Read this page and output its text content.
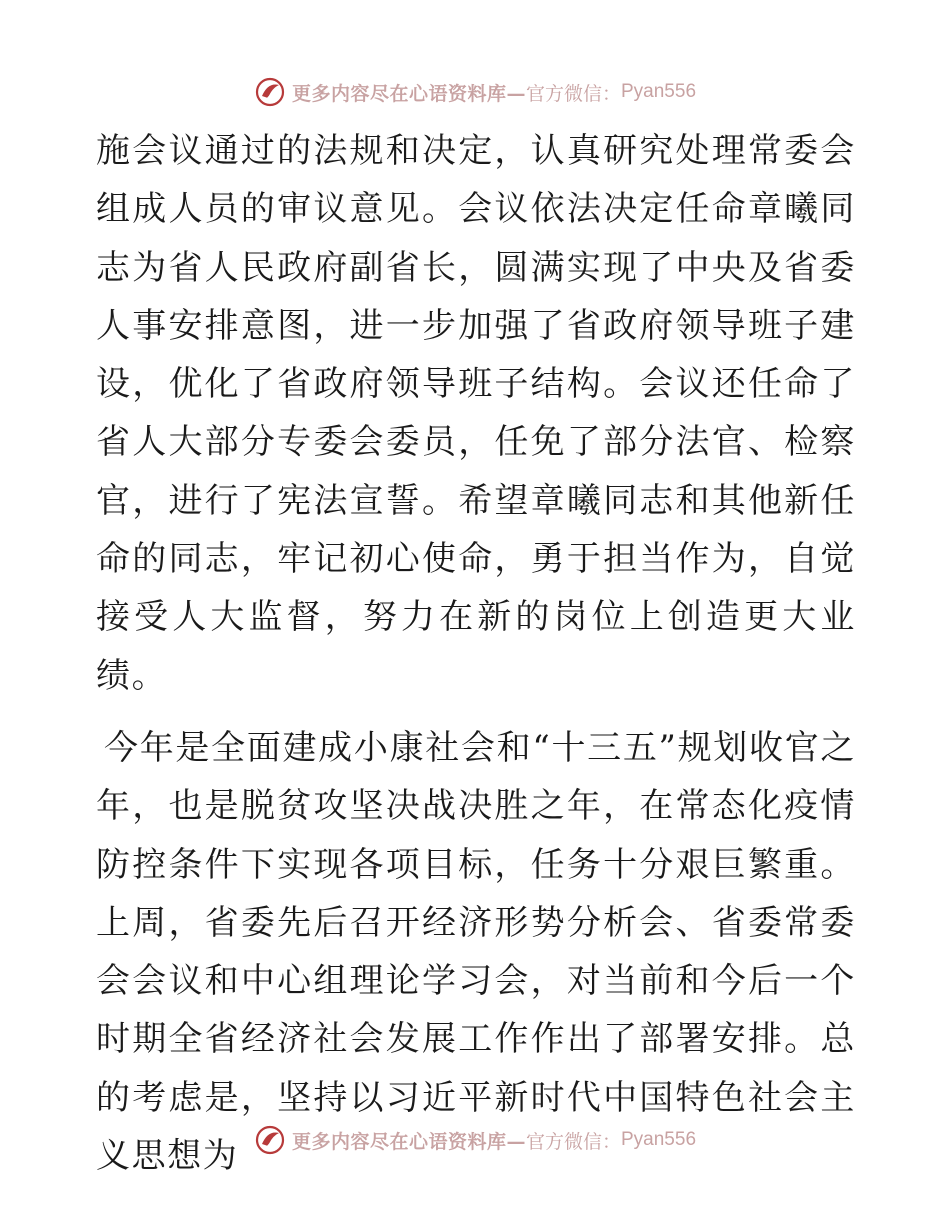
更多内容尽在心语资料库— 官方微信： Pyan556

施会议通过的法规和决定，认真研究处理常委会组成人员的审议意见。会议依法决定任命章曦同志为省人民政府副省长，圆满实现了中央及省委人事安排意图，进一步加强了省政府领导班子建设，优化了省政府领导班子结构。会议还任命了省人大部分专委会委员，任免了部分法官、检察官，进行了宪法宣誓。希望章曦同志和其他新任命的同志，牢记初心使命，勇于担当作为，自觉接受人大监督，努力在新的岗位上创造更大业绩。

今年是全面建成小康社会和“十三五”规划收官之年，也是脱贫攻坚决战决胜之年，在常态化疫情防控条件下实现各项目标，任务十分艰巨繁重。上周，省委先后召开经济形势分析会、省委常委会会议和中心组理论学习会，对当前和今后一个时期全省经济社会发展工作作出了部署安排。总的考虑是，坚持以习近平新时代中国特色社会主义思想为	更多内容尽在心语资料库— 官方微信： Pyan556
